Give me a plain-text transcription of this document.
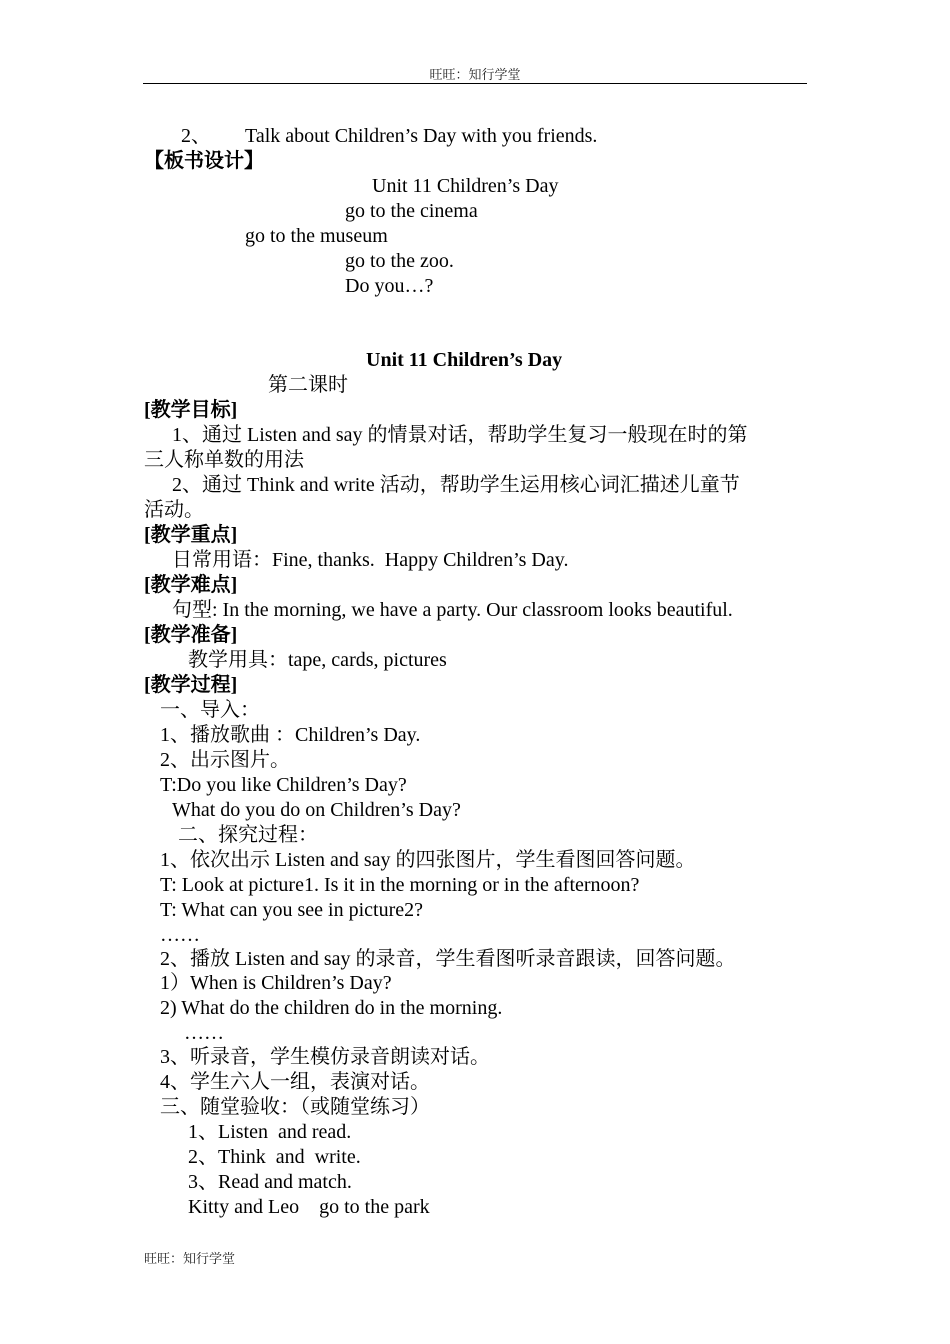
旺旺：知行学堂
2、 Talk about Children’s Day with you friends.
【板书设计】
Unit 11 Children’s Day
go to the cinema
go to the museum
go to the zoo.
Do you…?
Unit 11 Children’s Day
第二课时
[教学目标]
1、通过 Listen and say 的情景对话，帮助学生复习一般现在时的第
三人称单数的用法
2、通过 Think and write 活动，帮助学生运用核心词汇描述儿童节
活动。
[教学重点]
日常用语：Fine, thanks.  Happy Children’s Day.
[教学难点]
句型: In the morning, we have a party. Our classroom looks beautiful.
[教学准备]
教学用具：tape, cards, pictures
[教学过程]
一、导入：
1、播放歌曲 ：Children’s Day.
2、出示图片。
T:Do you like Children’s Day?
What do you do on Children’s Day?
二、探究过程：
1、依次出示 Listen and say 的四张图片，学生看图回答问题。
T: Look at picture1. Is it in the morning or in the afternoon?
T: What can you see in picture2?
……
2、播放 Listen and say 的录音，学生看图听录音跟读，回答问题。
1）When is Children’s Day?
2) What do the children do in the morning.
……
3、听录音，学生模仿录音朗读对话。
4、学生六人一组，表演对话。
三、随堂验收：（或随堂练习）
1、Listen  and read.
2、Think  and  write.
3、Read and match.
Kitty and Leo    go to the park
旺旺：知行学堂
